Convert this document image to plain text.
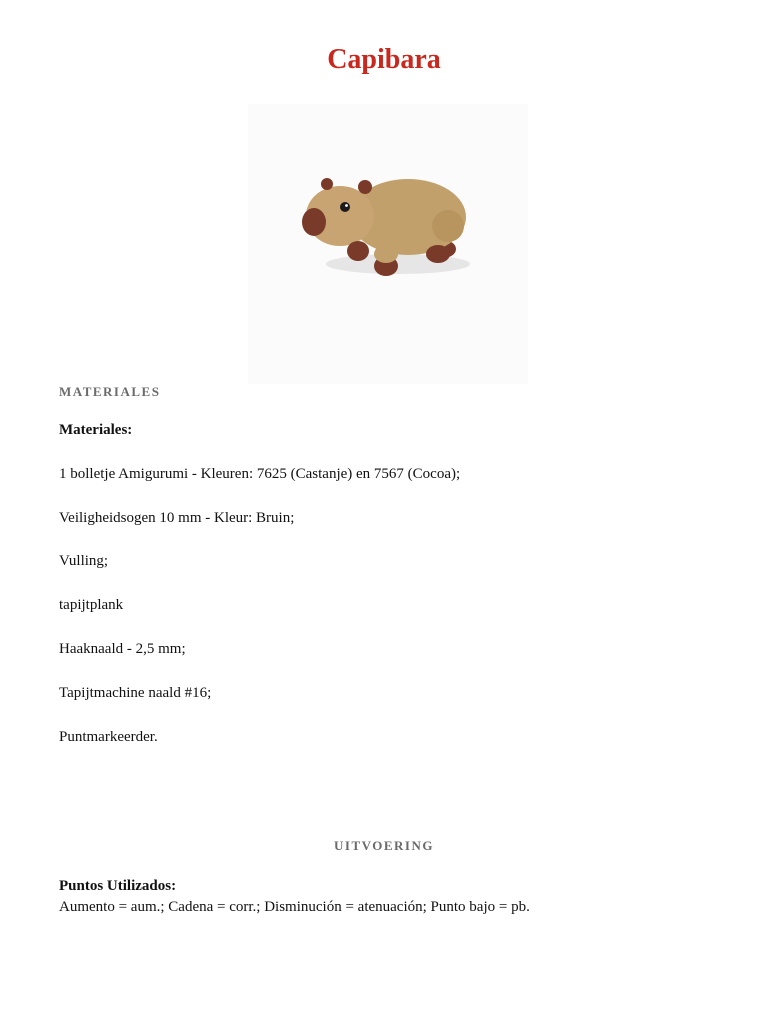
Capibara
MATERIALES

Materiales:

1 bolletje Amigurumi - Kleuren: 7625 (Castanje) en 7567 (Cocoa);

Veiligheidsogen 10 mm - Kleur: Bruin;

Vulling;

tapijtplank

Haaknaald - 2,5 mm;

Tapijtmachine naald #16;

Puntmarkeerder.

UITVOERING

Puntos Utilizados:

Aumento = aum.; Cadena = corr.; Disminución = atenuación; Punto bajo = pb.
